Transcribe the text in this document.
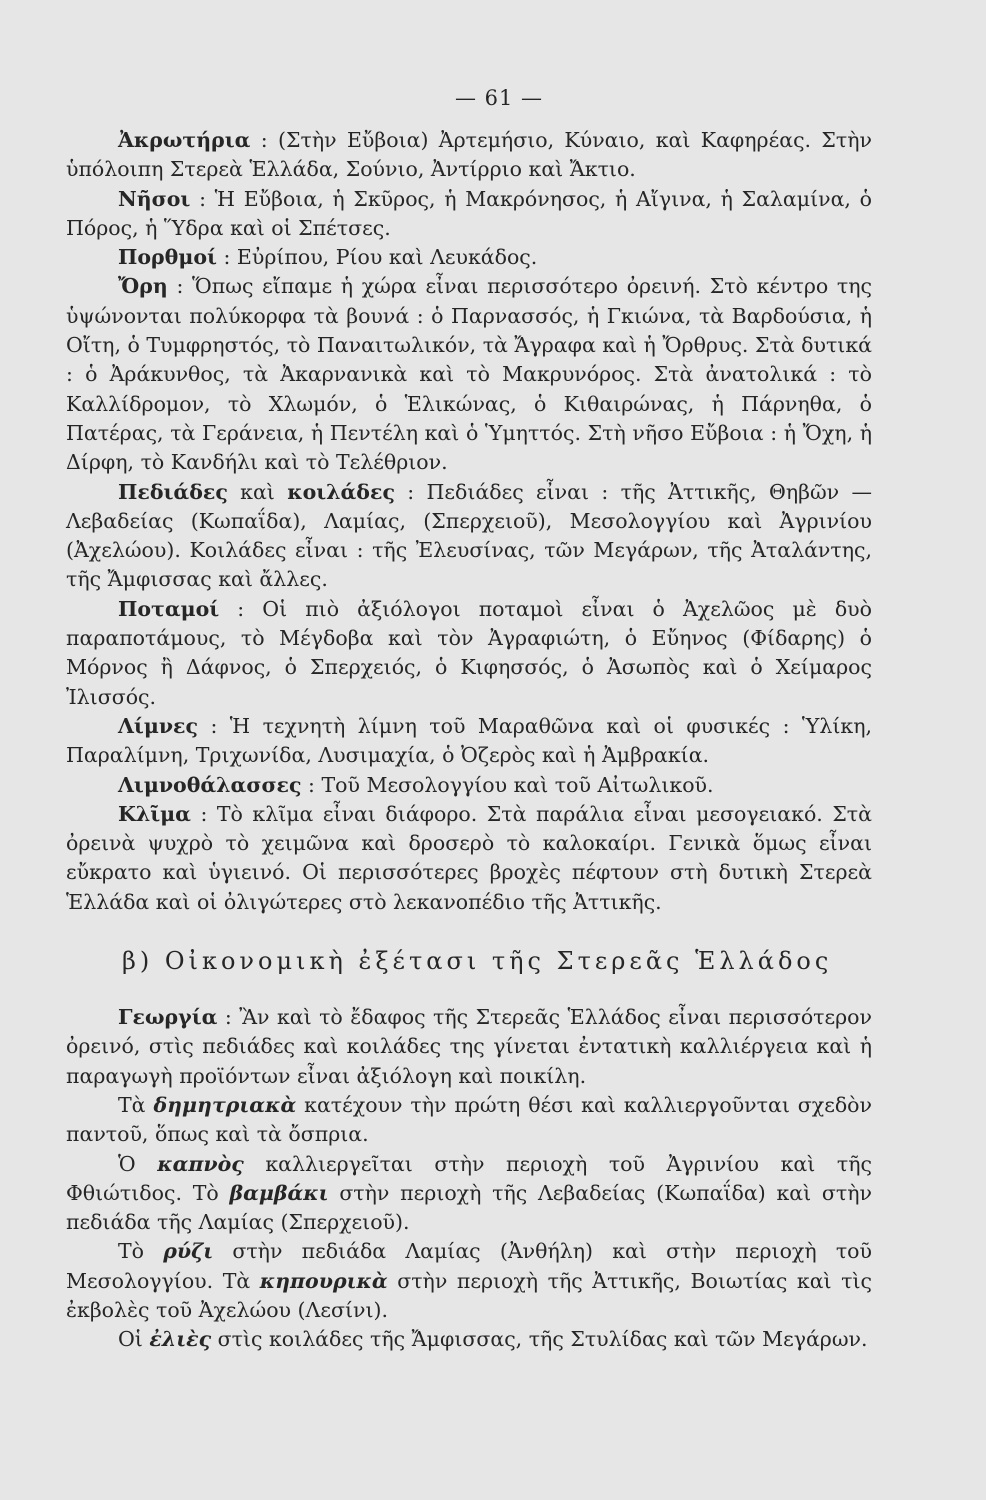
— 61 —

Ἀκρωτήρια : (Στὴν Εὔβοια) Ἀρτεμήσιο, Κύναιο, καὶ Καφηρέας. Στὴν ὑπόλοιπη Στερεὰ Ἑλλάδα, Σούνιο, Ἀντίρριο καὶ Ἄκτιο.

Νῆσοι : Ἡ Εὔβοια, ἡ Σκῦρος, ἡ Μακρόνησος, ἡ Αἴγινα, ἡ Σαλαμίνα, ὁ Πόρος, ἡ Ὕδρα καὶ οἱ Σπέτσες.

Πορθμοί : Εὐρίπου, Ρίου καὶ Λευκάδος.

Ὄρη : Ὅπως εἴπαμε ἡ χώρα εἶναι περισσότερο ὀρεινή. Στὸ κέντρο της ὑψώνονται πολύκορφα τὰ βουνά : ὁ Παρνασσός, ἡ Γκιώνα, τὰ Βαρδούσια, ἡ Οἴτη, ὁ Τυμφρηστός, τὸ Παναιτωλικόν, τὰ Ἄγραφα καὶ ἡ Ὄρθρυς. Στὰ δυτικά : ὁ Ἀράκυνθος, τὰ Ἀκαρνανικὰ καὶ τὸ Μακρυνόρος. Στὰ ἀνατολικά : τὸ Καλλίδρομον, τὸ Χλωμόν, ὁ Ἑλικώνας, ὁ Κιθαιρώνας, ἡ Πάρνηθα, ὁ Πατέρας, τὰ Γεράνεια, ἡ Πεντέλη καὶ ὁ Ὑμηττός. Στὴ νῆσο Εὔβοια : ἡ Ὄχη, ἡ Δίρφη, τὸ Κανδήλι καὶ τὸ Τελέθριον.

Πεδιάδες καὶ κοιλάδες : Πεδιάδες εἶναι : τῆς Ἀττικῆς, Θηβῶν — Λεβαδείας (Κωπαΐδα), Λαμίας, (Σπερχειοῦ), Μεσολογγίου καὶ Ἀγρινίου (Ἀχελώου). Κοιλάδες εἶναι : τῆς Ἐλευσίνας, τῶν Μεγάρων, τῆς Ἀταλάντης, τῆς Ἄμφισσας καὶ ἄλλες.

Ποταμοί : Οἱ πιὸ ἀξιόλογοι ποταμοὶ εἶναι ὁ Ἀχελῶος μὲ δυὸ παραποτάμους, τὸ Μέγδοβα καὶ τὸν Ἀγραφιώτη, ὁ Εὔηνος (Φίδαρης) ὁ Μόρνος ἢ Δάφνος, ὁ Σπερχειός, ὁ Κιφησσός, ὁ Ἀσωπὸς καὶ ὁ Χείμαρος Ἰλισσός.

Λίμνες : Ἡ τεχνητὴ λίμνη τοῦ Μαραθῶνα καὶ οἱ φυσικές : Ὑλίκη, Παραλίμνη, Τριχωνίδα, Λυσιμαχία, ὁ Ὀζερὸς καὶ ἡ Ἀμβρακία.

Λιμνοθάλασσες : Τοῦ Μεσολογγίου καὶ τοῦ Αἰτωλικοῦ.

Κλῖμα : Τὸ κλῖμα εἶναι διάφορο. Στὰ παράλια εἶναι μεσογειακό. Στὰ ὀρεινὰ ψυχρὸ τὸ χειμῶνα καὶ δροσερὸ τὸ καλοκαίρι. Γενικὰ ὅμως εἶναι εὔκρατο καὶ ὑγιεινό. Οἱ περισσότερες βροχὲς πέφτουν στὴ δυτικὴ Στερεὰ Ἑλλάδα καὶ οἱ ὀλιγώτερες στὸ λεκανοπέδιο τῆς Ἀττικῆς.

β) Οἰκονομικὴ ἐξέτασι τῆς Στερεᾶς Ἑλλάδος

Γεωργία : Ἂν καὶ τὸ ἔδαφος τῆς Στερεᾶς Ἑλλάδος εἶναι περισσότερον ὀρεινό, στὶς πεδιάδες καὶ κοιλάδες της γίνεται ἐντατικὴ καλλιέργεια καὶ ἡ παραγωγὴ προϊόντων εἶναι ἀξιόλογη καὶ ποικίλη.

Τὰ δημητριακὰ κατέχουν τὴν πρώτη θέσι καὶ καλλιεργοῦνται σχεδὸν παντοῦ, ὅπως καὶ τὰ ὄσπρια.

Ὁ καπνὸς καλλιεργεῖται στὴν περιοχὴ τοῦ Ἀγρινίου καὶ τῆς Φθιώτιδος. Τὸ βαμβάκι στὴν περιοχὴ τῆς Λεβαδείας (Κωπαΐδα) καὶ στὴν πεδιάδα τῆς Λαμίας (Σπερχειοῦ).

Τὸ ρύζι στὴν πεδιάδα Λαμίας (Ἀνθήλη) καὶ στὴν περιοχὴ τοῦ Μεσολογγίου. Τὰ κηπουρικὰ στὴν περιοχὴ τῆς Ἀττικῆς, Βοιωτίας καὶ τὶς ἐκβολὲς τοῦ Ἀχελώου (Λεσίνι).

Οἱ ἐλιὲς στὶς κοιλάδες τῆς Ἄμφισσας, τῆς Στυλίδας καὶ τῶν Μεγάρων.
